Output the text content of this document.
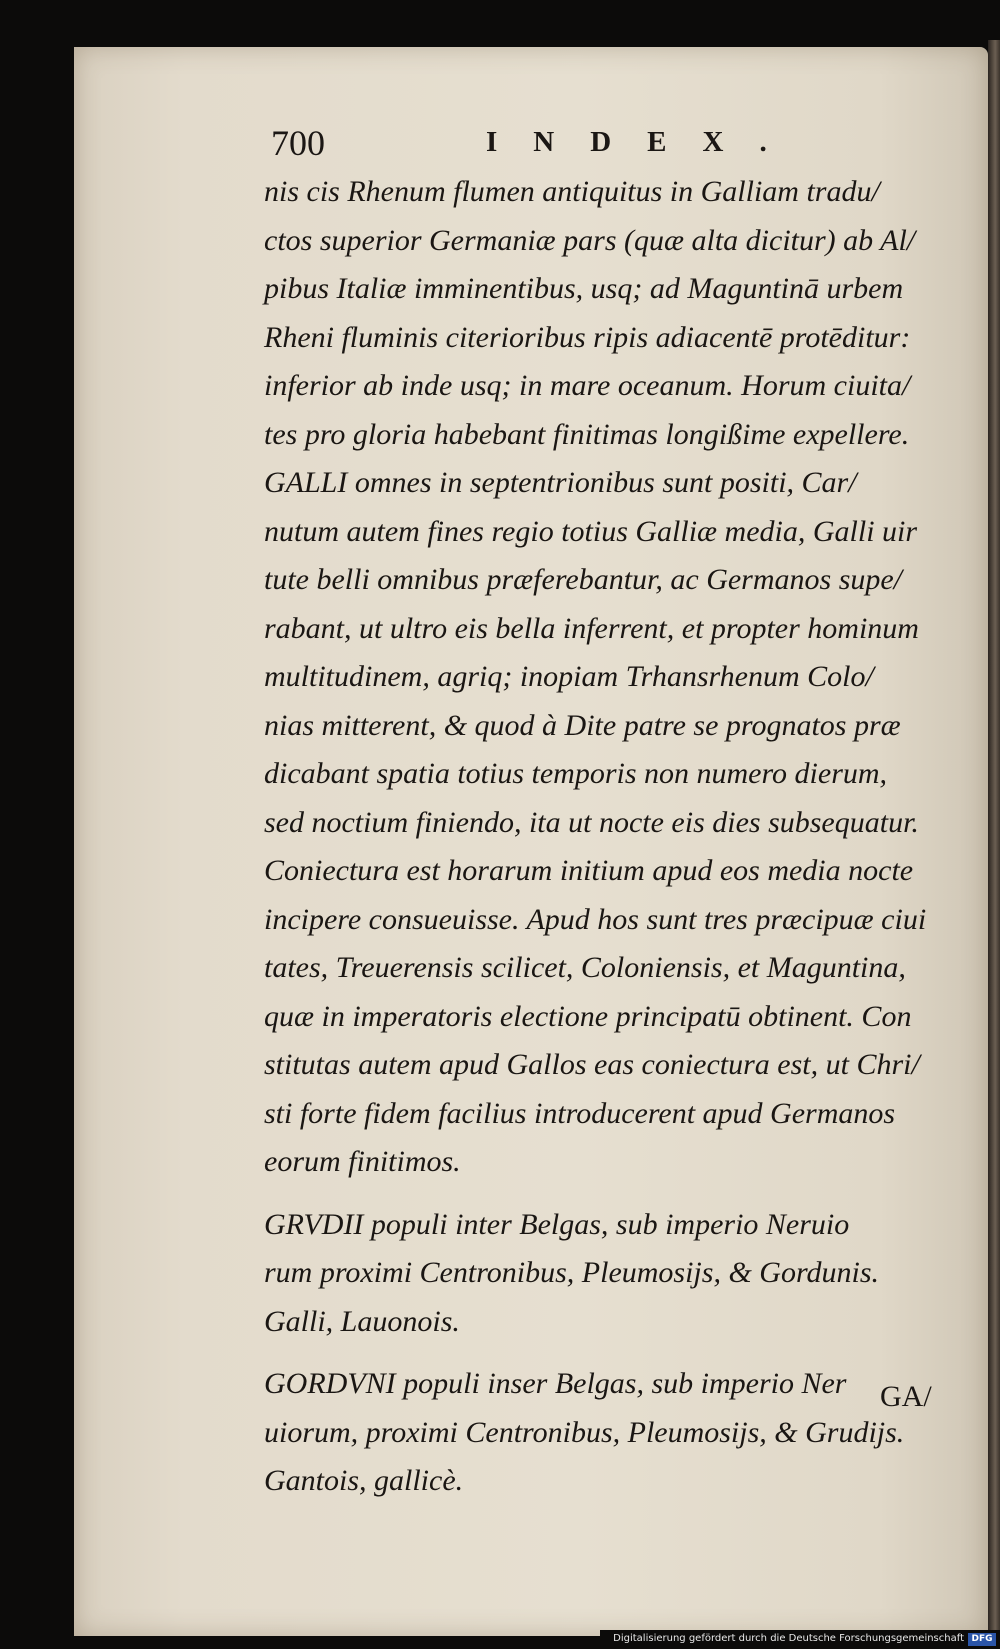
700	INDEX.
nis cis Rhenum flumen antiquitus in Galliam tradu/
ctos superior Germaniæ pars (quæ alta dicitur) ab Al/
pibus Italiæ imminentibus, usq; ad Maguntinā urbem
Rheni fluminis citerioribus ripis adiacentē protēditur:
inferior ab inde usq; in mare oceanum. Horum ciuita/
tes pro gloria habebant finitimas longißime expellere.
GALLI omnes in septentrionibus sunt positi, Car/
nutum autem fines regio totius Galliæ media, Galli uir
tute belli omnibus præferebantur, ac Germanos supe/
rabant, ut ultro eis bella inferrent, et propter hominum
multitudinem, agriq; inopiam Trhansrhenum Colo/
nias mitterent, & quod à Dite patre se prognatos præ
dicabant spatia totius temporis non numero dierum,
sed noctium finiendo, ita ut nocte eis dies subsequatur.
Coniectura est horarum initium apud eos media nocte
incipere consueuisse. Apud hos sunt tres præcipuæ ciui
tates, Treuerensis scilicet, Coloniensis, et Maguntina,
quæ in imperatoris electione principatū obtinent. Con
stitutas autem apud Gallos eas coniectura est, ut Chri/
sti forte fidem facilius introducerent apud Germanos
eorum finitimos.
GRVDII populi inter Belgas, sub imperio Neruio
rum proximi Centronibus, Pleumosijs, & Gordunis.
Galli, Lauonois.
GORDVNI populi inser Belgas, sub imperio Ner
uiorum, proximi Centronibus, Pleumosijs, & Grudijs.
Gantois, gallicè.
GA/
Digitalisierung gefördert durch die Deutsche Forschungsgemeinschaft DFG
